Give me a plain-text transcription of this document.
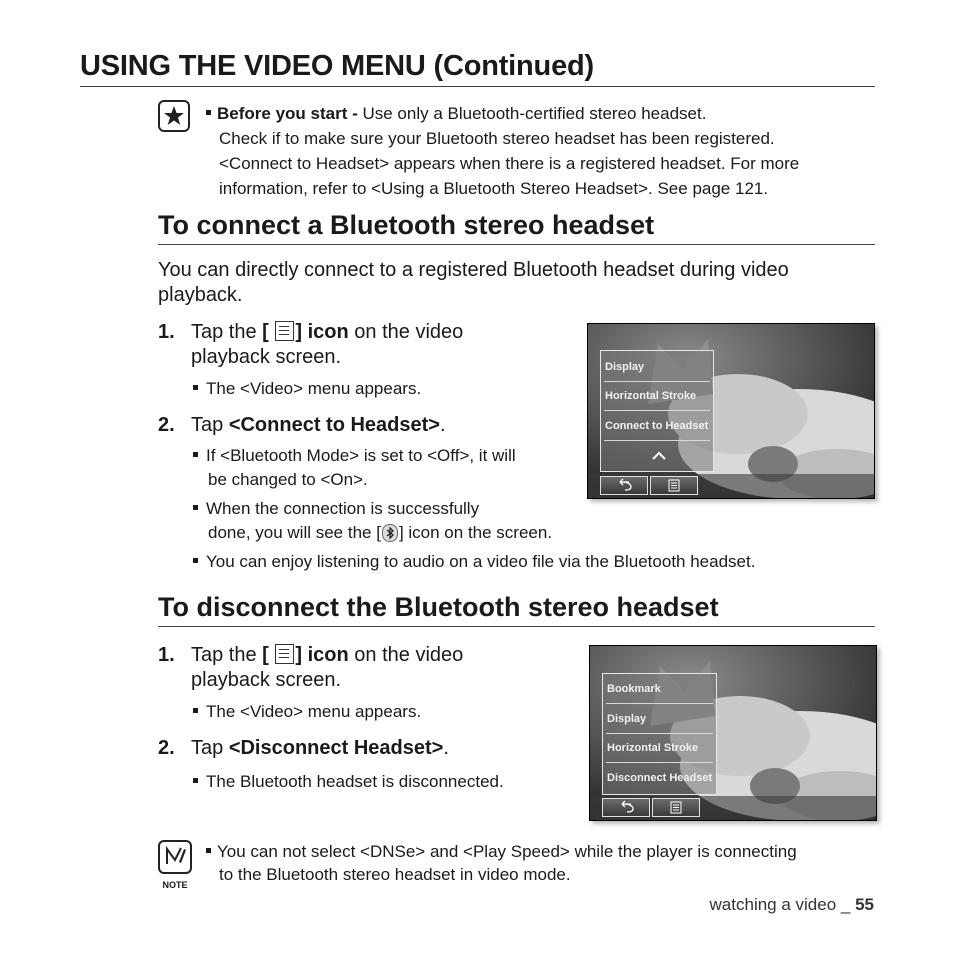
USING THE VIDEO MENU (Continued)
Before you start - Use only a Bluetooth-certified stereo headset.
Check if to make sure your Bluetooth stereo headset has been registered.
<Connect to Headset> appears when there is a registered headset. For more
information, refer to <Using a Bluetooth Stereo Headset>. See page 121.
To connect a Bluetooth stereo headset
You can directly connect to a registered Bluetooth headset during video
playback.
1. Tap the [ ] icon on the video
playback screen.
The <Video> menu appears.
2. Tap <Connect to Headset>.
If <Bluetooth Mode> is set to <Off>, it will
be changed to <On>.
When the connection is successfully
done, you will see the [ ] icon on the screen.
You can enjoy listening to audio on a video file via the Bluetooth headset.
Display
Horizontal Stroke
Connect to Headset
To disconnect the Bluetooth stereo headset
1. Tap the [ ] icon on the video
playback screen.
The <Video> menu appears.
2. Tap <Disconnect Headset>.
The Bluetooth headset is disconnected.
Bookmark
Display
Horizontal Stroke
Disconnect Headset
NOTE
You can not select <DNSe> and <Play Speed> while the player is connecting
to the Bluetooth stereo headset in video mode.
watching a video _ 55
